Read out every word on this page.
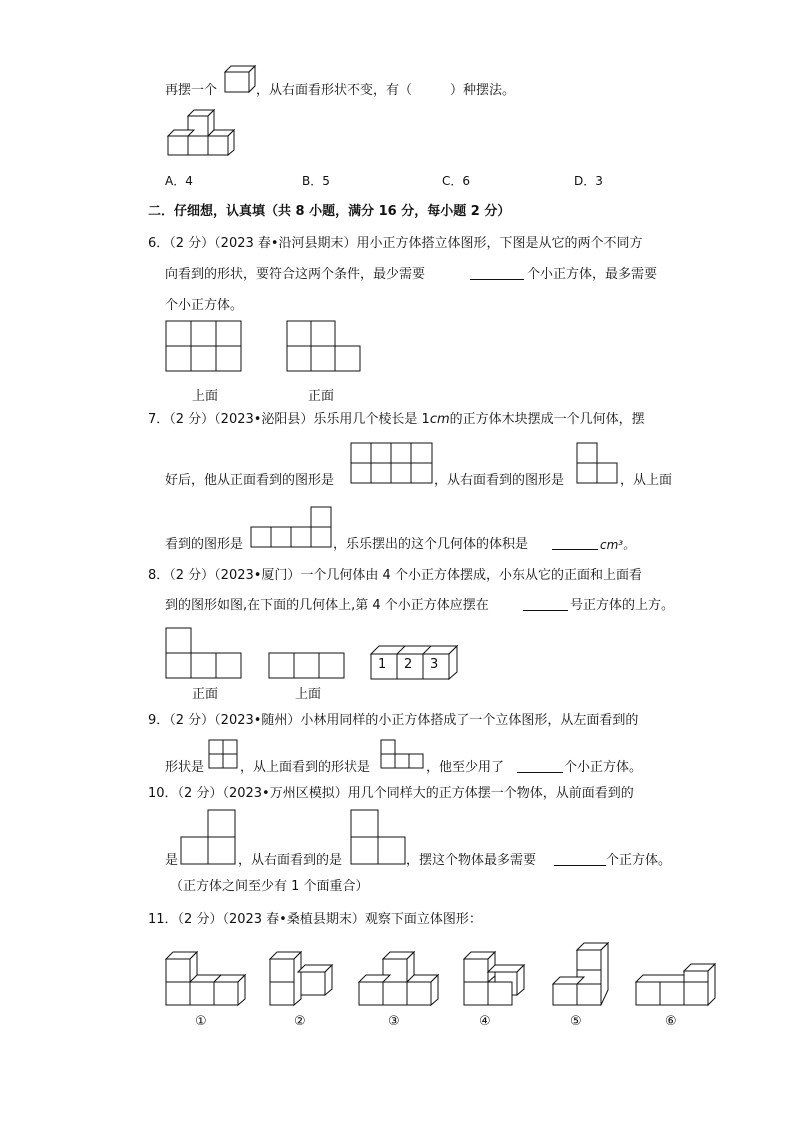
再摆一个	，从右面看形状不变，有（	）种摆法。
A．4	B．5	C．6	D．3
二．仔细想，认真填（共 8 小题，满分 16 分，每小题 2 分）
6．（2 分）（2023 春•沿河县期末）用小正方体搭立体图形，下图是从它的两个不同方
向看到的形状，要符合这两个条件，最少需要	个小正方体，最多需要
个小正方体。
上面	正面
7．（2 分）（2023•泌阳县）乐乐用几个棱长是 1cm的正方体木块摆成一个几何体，摆
好后，他从正面看到的图形是	，从右面看到的图形是	，从上面
看到的图形是	，乐乐摆出的这个几何体的体积是	cm³。
8．（2 分）（2023•厦门）一个几何体由 4 个小正方体摆成，小东从它的正面和上面看
到的图形如图,在下面的几何体上,第 4 个小正方体应摆在	号正方体的上方。
正面	上面
1 2 3
9．（2 分）（2023•随州）小林用同样的小正方体搭成了一个立体图形，从左面看到的
形状是	，从上面看到的形状是	，他至少用了	个小正方体。
10．（2 分）（2023•万州区模拟）用几个同样大的正方体摆一个物体，从前面看到的
是	，从右面看到的是	，摆这个物体最多需要	个正方体。
（正方体之间至少有 1 个面重合）
11．（2 分）（2023 春•桑植县期末）观察下面立体图形：
①	②	③	④	⑤	⑥
